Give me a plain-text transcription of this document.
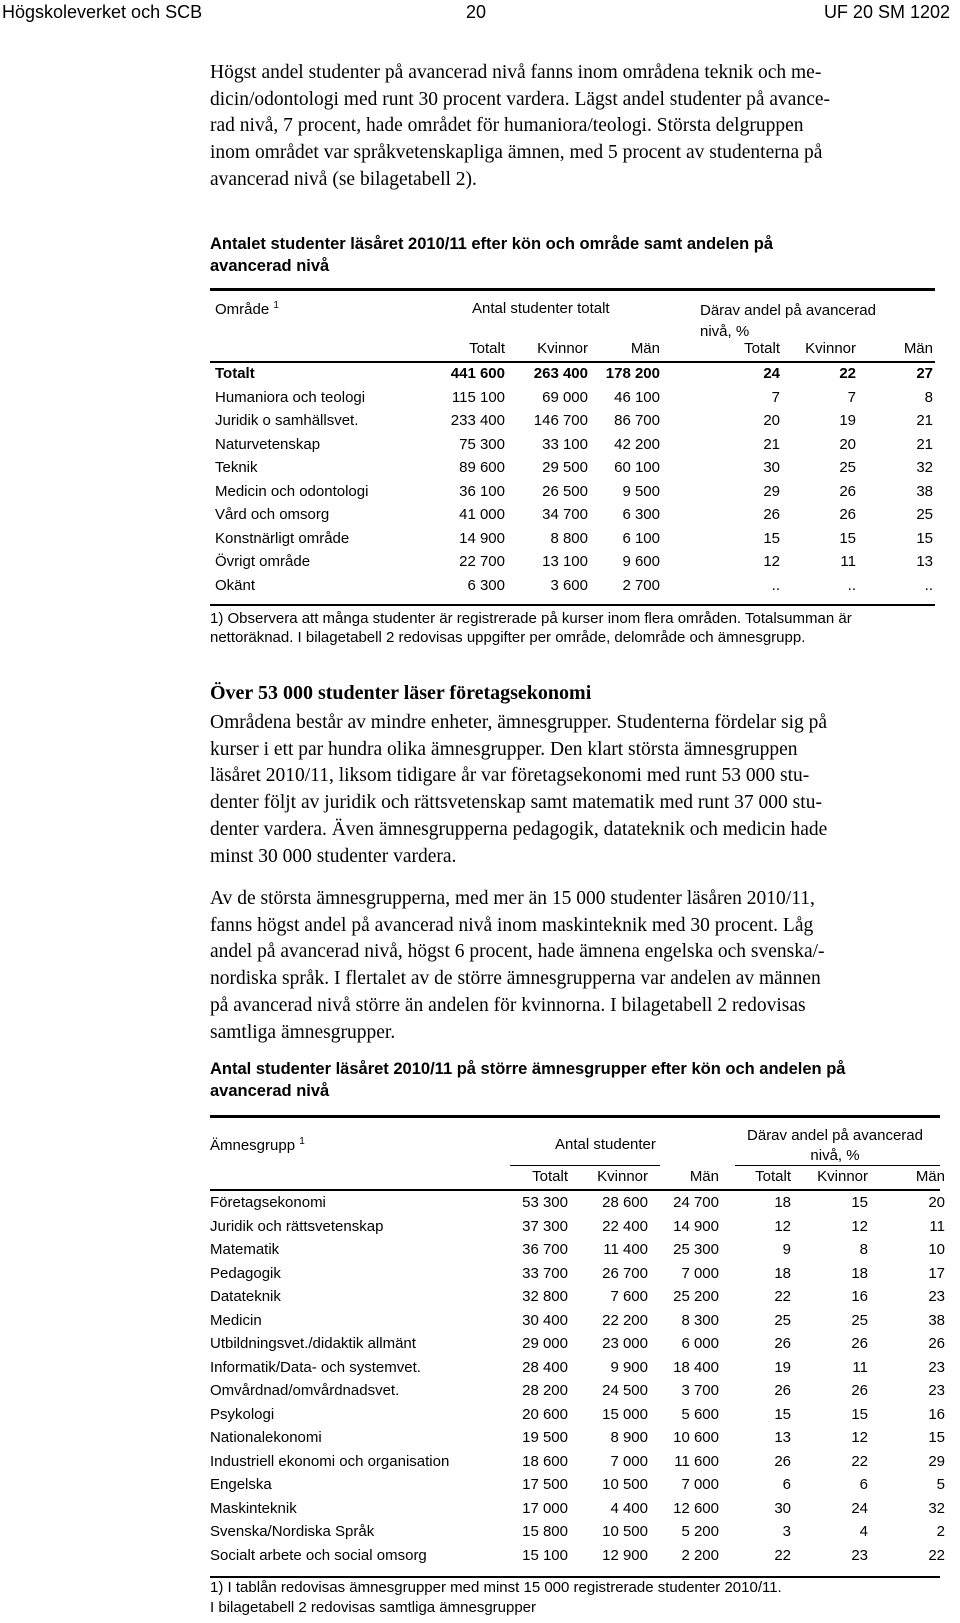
Högskoleverket och SCB	20	UF 20 SM 1202
Högst andel studenter på avancerad nivå fanns inom områdena teknik och me-
dicin/odontologi med runt 30 procent vardera. Lägst andel studenter på avance-
rad nivå, 7 procent, hade området för humaniora/teologi. Största delgruppen
inom området var språkvetenskapliga ämnen, med 5 procent av studenterna på
avancerad nivå (se bilagetabell 2).
Antalet studenter läsåret 2010/11 efter kön och område samt andelen på
avancerad nivå
Område $^1$	Antal studenter totalt	Därav andel på avancerad
nivå, %
Totalt	Kvinnor	Män	Totalt	Kvinnor	Män
Totalt	441 600	263 400	178 200	24	22	27
Humaniora och teologi	115 100	69 000	46 100	7	7	8
Juridik o samhällsvet.	233 400	146 700	86 700	20	19	21
Naturvetenskap	75 300	33 100	42 200	21	20	21
Teknik	89 600	29 500	60 100	30	25	32
Medicin och odontologi	36 100	26 500	9 500	29	26	38
Vård och omsorg	41 000	34 700	6 300	26	26	25
Konstnärligt område	14 900	8 800	6 100	15	15	15
Övrigt område	22 700	13 100	9 600	12	11	13
Okänt	6 300	3 600	2 700	..	..	..
1) Observera att många studenter är registrerade på kurser inom flera områden. Totalsumman är
nettoräknad. I bilagetabell 2 redovisas uppgifter per område, delområde och ämnesgrupp.
Över 53 000 studenter läser företagsekonomi
Områdena består av mindre enheter, ämnesgrupper. Studenterna fördelar sig på
kurser i ett par hundra olika ämnesgrupper. Den klart största ämnesgruppen
läsåret 2010/11, liksom tidigare år var företagsekonomi med runt 53 000 stu-
denter följt av juridik och rättsvetenskap samt matematik med runt 37 000 stu-
denter vardera. Även ämnesgrupperna pedagogik, datateknik och medicin hade
minst 30 000 studenter vardera.
Av de största ämnesgrupperna, med mer än 15 000 studenter läsåren 2010/11,
fanns högst andel på avancerad nivå inom maskinteknik med 30 procent. Låg
andel på avancerad nivå, högst 6 procent, hade ämnena engelska och svenska/-
nordiska språk. I flertalet av de större ämnesgrupperna var andelen av männen
på avancerad nivå större än andelen för kvinnorna. I bilagetabell 2 redovisas
samtliga ämnesgrupper.
Antal studenter läsåret 2010/11 på större ämnesgrupper efter kön och andelen på
avancerad nivå
Ämnesgrupp $^1$	Antal studenter
Därav andel på avancerad
nivå, %
Totalt	Kvinnor	Män	Totalt	Kvinnor	Män
Företagsekonomi	53 300	28 600	24 700	18	15	20
Juridik och rättsvetenskap	37 300	22 400	14 900	12	12	11
Matematik	36 700	11 400	25 300	9	8	10
Pedagogik	33 700	26 700	7 000	18	18	17
Datateknik	32 800	7 600	25 200	22	16	23
Medicin	30 400	22 200	8 300	25	25	38
Utbildningsvet./didaktik allmänt	29 000	23 000	6 000	26	26	26
Informatik/Data- och systemvet.	28 400	9 900	18 400	19	11	23
Omvårdnad/omvårdnadsvet.	28 200	24 500	3 700	26	26	23
Psykologi	20 600	15 000	5 600	15	15	16
Nationalekonomi	19 500	8 900	10 600	13	12	15
Industriell ekonomi och organisation	18 600	7 000	11 600	26	22	29
Engelska	17 500	10 500	7 000	6	6	5
Maskinteknik	17 000	4 400	12 600	30	24	32
Svenska/Nordiska Språk	15 800	10 500	5 200	3	4	2
Socialt arbete och social omsorg	15 100	12 900	2 200	22	23	22
1) I tablån redovisas ämnesgrupper med minst 15 000 registrerade studenter 2010/11.
I bilagetabell 2 redovisas samtliga ämnesgrupper
